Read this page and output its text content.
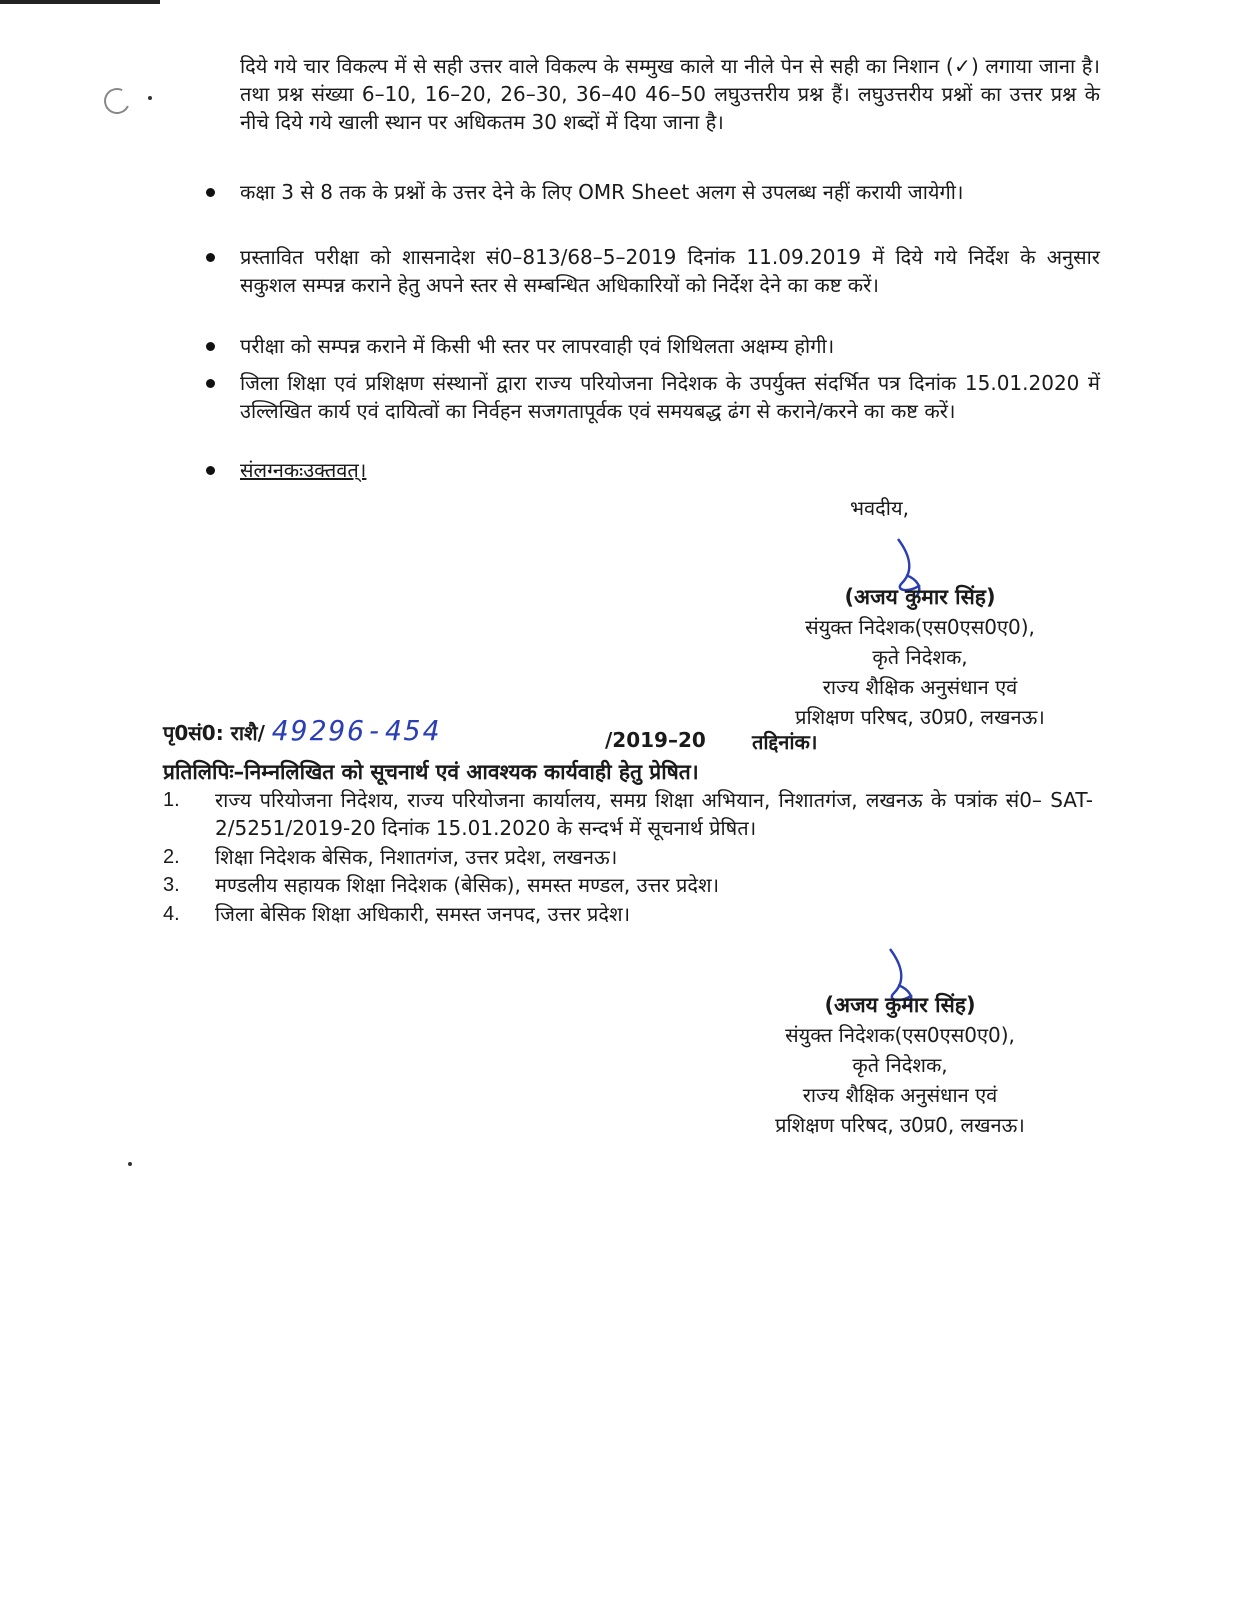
दिये गये चार विकल्प में से सही उत्तर वाले विकल्प के सम्मुख काले या नीले पेन से सही का निशान (✓) लगाया जाना है। तथा प्रश्न संख्या 6–10, 16–20, 26–30, 36–40 46–50 लघुउत्तरीय प्रश्न हैं। लघुउत्तरीय प्रश्नों का उत्तर प्रश्न के नीचे दिये गये खाली स्थान पर अधिकतम 30 शब्दों में दिया जाना है।
कक्षा 3 से 8 तक के प्रश्नों के उत्तर देने के लिए OMR Sheet अलग से उपलब्ध नहीं करायी जायेगी।
प्रस्तावित परीक्षा को शासनादेश सं0–813/68–5–2019 दिनांक 11.09.2019 में दिये गये निर्देश के अनुसार सकुशल सम्पन्न कराने हेतु अपने स्तर से सम्बन्धित अधिकारियों को निर्देश देने का कष्ट करें।
परीक्षा को सम्पन्न कराने में किसी भी स्तर पर लापरवाही एवं शिथिलता अक्षम्य होगी।
जिला शिक्षा एवं प्रशिक्षण संस्थानों द्वारा राज्य परियोजना निदेशक के उपर्युक्त संदर्भित पत्र दिनांक 15.01.2020 में उल्लिखित कार्य एवं दायित्वों का निर्वहन सजगतापूर्वक एवं समयबद्ध ढंग से कराने/करने का कष्ट करें।
संलग्नकःउक्तवत्।
भवदीय,
(अजय कुमार सिंह)
संयुक्त निदेशक(एस0एस0ए0),
कृते निदेशक,
राज्य शैक्षिक अनुसंधान एवं
प्रशिक्षण परिषद, उ0प्र0, लखनऊ।
पृ0सं0: राशै/ 49296-454	/2019–20 तद्दिनांक।
प्रतिलिपिः–निम्नलिखित को सूचनार्थ एवं आवश्यक कार्यवाही हेतु प्रेषित।
1.	राज्य परियोजना निदेशय, राज्य परियोजना कार्यालय, समग्र शिक्षा अभियान, निशातगंज, लखनऊ के पत्रांक सं0– SAT-2/5251/2019-20 दिनांक 15.01.2020 के सन्दर्भ में सूचनार्थ प्रेषित।
2.	शिक्षा निदेशक बेसिक, निशातगंज, उत्तर प्रदेश, लखनऊ।
3.	मण्डलीय सहायक शिक्षा निदेशक (बेसिक), समस्त मण्डल, उत्तर प्रदेश।
4.	जिला बेसिक शिक्षा अधिकारी, समस्त जनपद, उत्तर प्रदेश।
(अजय कुमार सिंह)
संयुक्त निदेशक(एस0एस0ए0),
कृते निदेशक,
राज्य शैक्षिक अनुसंधान एवं
प्रशिक्षण परिषद, उ0प्र0, लखनऊ।
